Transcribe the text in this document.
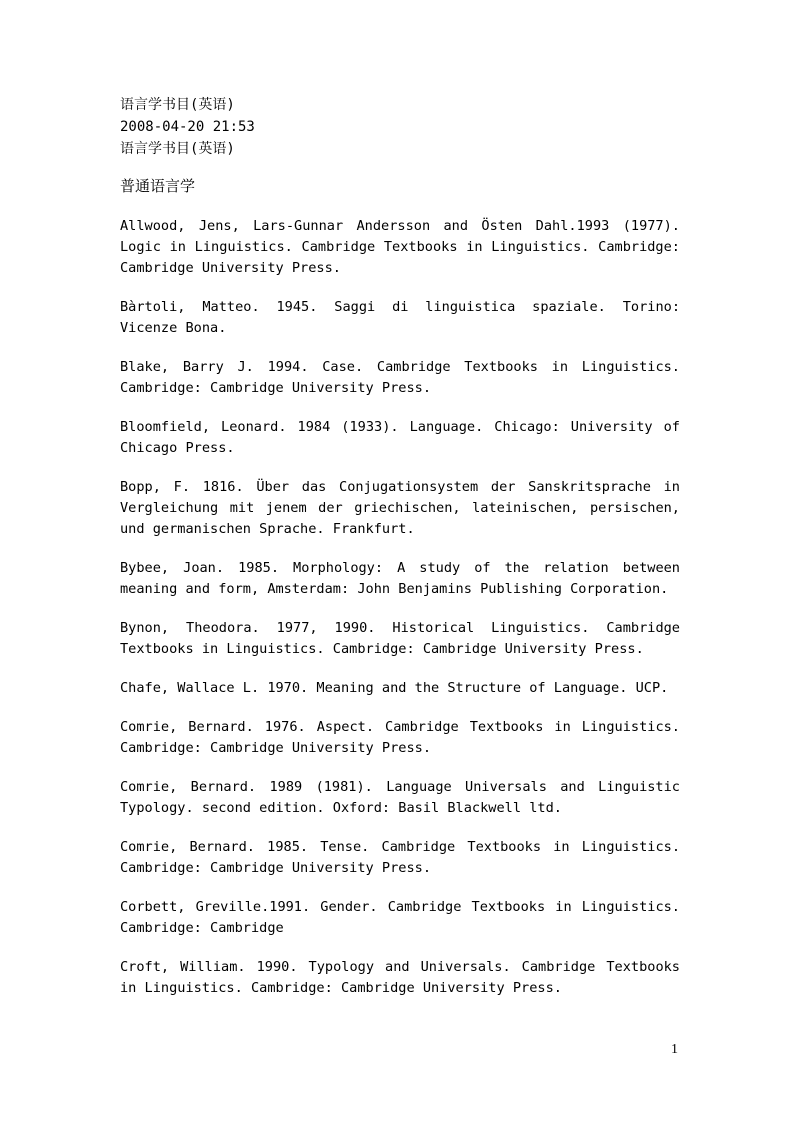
语言学书目(英语)
2008-04-20 21:53
语言学书目(英语)
普通语言学

Allwood, Jens, Lars-Gunnar Andersson and Östen Dahl.1993 (1977). Logic in Linguistics. Cambridge Textbooks in Linguistics. Cambridge: Cambridge University Press.

Bàrtoli, Matteo. 1945. Saggi di linguistica spaziale. Torino: Vicenze Bona.

Blake, Barry J. 1994. Case. Cambridge Textbooks in Linguistics. Cambridge: Cambridge University Press.

Bloomfield, Leonard. 1984 (1933). Language. Chicago: University of Chicago Press.

Bopp, F. 1816. Über das Conjugationsystem der Sanskritsprache in Vergleichung mit jenem der griechischen, lateinischen, persischen, und germanischen Sprache. Frankfurt.

Bybee, Joan. 1985. Morphology: A study of the relation between meaning and form, Amsterdam: John Benjamins Publishing Corporation.

Bynon, Theodora. 1977, 1990. Historical Linguistics. Cambridge Textbooks in Linguistics. Cambridge: Cambridge University Press.

Chafe, Wallace L. 1970. Meaning and the Structure of Language. UCP.

Comrie, Bernard. 1976. Aspect. Cambridge Textbooks in Linguistics. Cambridge: Cambridge University Press.

Comrie, Bernard. 1989 (1981). Language Universals and Linguistic Typology. second edition. Oxford: Basil Blackwell ltd.

Comrie, Bernard. 1985. Tense. Cambridge Textbooks in Linguistics. Cambridge: Cambridge University Press.

Corbett, Greville.1991. Gender. Cambridge Textbooks in Linguistics. Cambridge: Cambridge

Croft, William. 1990. Typology and Universals. Cambridge Textbooks in Linguistics. Cambridge: Cambridge University Press.

1
